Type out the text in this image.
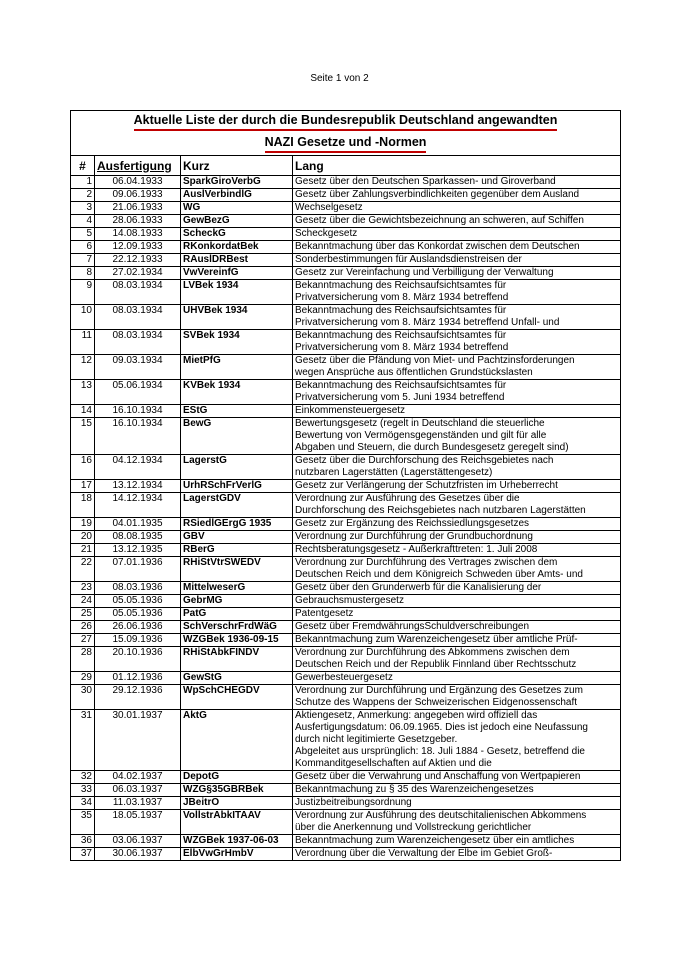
Seite 1 von 2
Aktuelle Liste der durch die Bundesrepublik Deutschland angewandten
NAZI Gesetze und -Normen			

#	Ausfertigung	Kurz	Lang
1	06.04.1933	SparkGiroVerbG	Gesetz über den Deutschen Sparkassen- und Giroverband

2	09.06.1933	AuslVerbindlG	Gesetz über Zahlungsverbindlichkeiten gegenüber dem Ausland

3	21.06.1933	WG	Wechselgesetz

4	28.06.1933	GewBezG	Gesetz über die Gewichtsbezeichnung an schweren, auf Schiffen

5	14.08.1933	ScheckG	Scheckgesetz

6	12.09.1933	RKonkordatBek	Bekanntmachung über das Konkordat zwischen dem Deutschen

7	22.12.1933	RAuslDRBest	Sonderbestimmungen für Auslandsdienstreisen der

8	27.02.1934	VwVereinfG	Gesetz zur Vereinfachung und Verbilligung der Verwaltung

9	08.03.1934	LVBek 1934	Bekanntmachung des Reichsaufsichtsamtes für
Privatversicherung vom 8. März 1934 betreffend

10	08.03.1934	UHVBek 1934	Bekanntmachung des Reichsaufsichtsamtes für
Privatversicherung vom 8. März 1934 betreffend Unfall- und

11	08.03.1934	SVBek 1934	Bekanntmachung des Reichsaufsichtsamtes für
Privatversicherung vom 8. März 1934 betreffend

12	09.03.1934	MietPfG	Gesetz über die Pfändung von Miet- und Pachtzinsforderungen
wegen Ansprüche aus öffentlichen Grundstückslasten

13	05.06.1934	KVBek 1934	Bekanntmachung des Reichsaufsichtsamtes für
Privatversicherung vom 5. Juni 1934 betreffend

14	16.10.1934	EStG	Einkommensteuergesetz

15	16.10.1934	BewG	Bewertungsgesetz (regelt in Deutschland die steuerliche
Bewertung von Vermögensgegenständen und gilt für alle
Abgaben und Steuern, die durch Bundesgesetz geregelt sind)

16	04.12.1934	LagerstG	Gesetz über die Durchforschung des Reichsgebietes nach
nutzbaren Lagerstätten (Lagerstättengesetz)

17	13.12.1934	UrhRSchFrVerlG	Gesetz zur Verlängerung der Schutzfristen im Urheberrecht

18	14.12.1934	LagerstGDV	Verordnung zur Ausführung des Gesetzes über die
Durchforschung des Reichsgebietes nach nutzbaren Lagerstätten

19	04.01.1935	RSiedlGErgG 1935	Gesetz zur Ergänzung des Reichssiedlungsgesetzes

20	08.08.1935	GBV	Verordnung zur Durchführung der Grundbuchordnung

21	13.12.1935	RBerG	Rechtsberatungsgesetz - Außerkrafttreten: 1. Juli 2008

22	07.01.1936	RHiStVtrSWEDV	Verordnung zur Durchführung des Vertrages zwischen dem
Deutschen Reich und dem Königreich Schweden über Amts- und

23	08.03.1936	MittelweserG	Gesetz über den Grunderwerb für die Kanalisierung der

24	05.05.1936	GebrMG	Gebrauchsmustergesetz

25	05.05.1936	PatG	Patentgesetz

26	26.06.1936	SchVerschrFrdWäG	Gesetz über FremdwährungsSchuldverschreibungen

27	15.09.1936	WZGBek 1936-09-15	Bekanntmachung zum Warenzeichengesetz über amtliche Prüf-

28	20.10.1936	RHiStAbkFINDV	Verordnung zur Durchführung des Abkommens zwischen dem
Deutschen Reich und der Republik Finnland über Rechtsschutz

29	01.12.1936	GewStG	Gewerbesteuergesetz

30	29.12.1936	WpSchCHEGDV	Verordnung zur Durchführung und Ergänzung des Gesetzes zum
Schutze des Wappens der Schweizerischen Eidgenossenschaft

31	30.01.1937	AktG	Aktiengesetz, Anmerkung: angegeben wird offiziell das
Ausfertigungsdatum: 06.09.1965. Dies ist jedoch eine Neufassung
durch nicht legitimierte Gesetzgeber.
Abgeleitet aus ursprünglich: 18. Juli 1884 - Gesetz, betreffend die
Kommanditgesellschaften auf Aktien und die

32	04.02.1937	DepotG	Gesetz über die Verwahrung und Anschaffung von Wertpapieren

33	06.03.1937	WZG§35GBRBek	Bekanntmachung zu § 35 des Warenzeichengesetzes

34	11.03.1937	JBeitrO	Justizbeitreibungsordnung

35	18.05.1937	VollstrAbkITAAV	Verordnung zur Ausführung des deutschitalienischen Abkommens
über die Anerkennung und Vollstreckung gerichtlicher

36	03.06.1937	WZGBek 1937-06-03	Bekanntmachung zum Warenzeichengesetz über ein amtliches

37	30.06.1937	ElbVwGrHmbV	Verordnung über die Verwaltung der Elbe im Gebiet Groß-
